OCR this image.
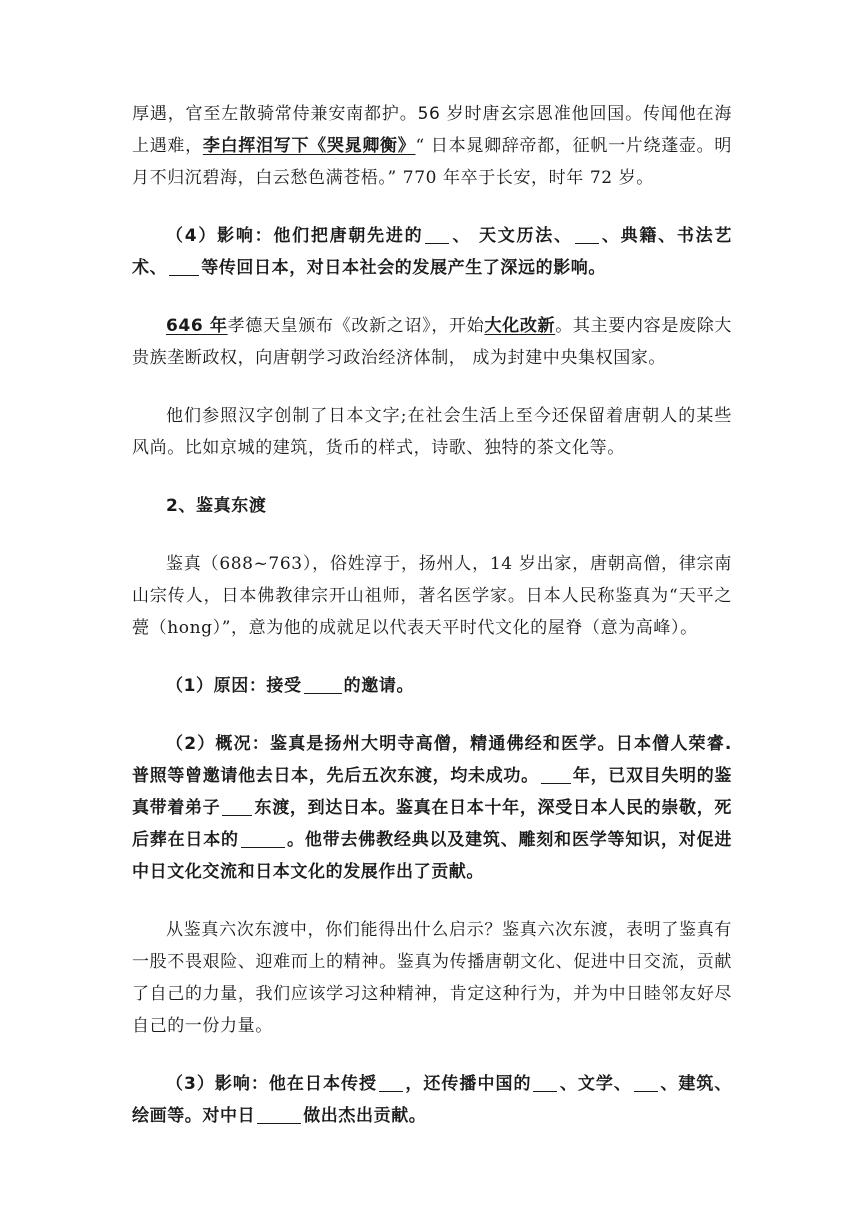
厚遇，官至左散骑常侍兼安南都护。56 岁时唐玄宗恩准他回国。传闻他在海上遇难，李白挥泪写下《哭晁卿衡》“ 日本晁卿辞帝都，征帆一片绕蓬壶。明月不归沉碧海，白云愁色满苍梧。” 770 年卒于长安，时年 72 岁。

（4）影响：他们把唐朝先进的 、 天文历法、 、典籍、书法艺术、 等传回日本，对日本社会的发展产生了深远的影响。

646 年孝德天皇颁布《改新之诏》，开始大化改新。其主要内容是废除大贵族垄断政权，向唐朝学习政治经济体制， 成为封建中央集权国家。

他们参照汉字创制了日本文字;在社会生活上至今还保留着唐朝人的某些风尚。比如京城的建筑，货币的样式，诗歌、独特的茶文化等。

2、鉴真东渡

鉴真（688~763），俗姓淳于，扬州人，14 岁出家，唐朝高僧，律宗南山宗传人，日本佛教律宗开山祖师，著名医学家。日本人民称鉴真为“天平之甍（hong）”，意为他的成就足以代表天平时代文化的屋脊（意为高峰）。

（1）原因：接受 的邀请。

（2）概况：鉴真是扬州大明寺高僧，精通佛经和医学。日本僧人荣睿. 普照等曾邀请他去日本，先后五次东渡，均未成功。 年，已双目失明的鉴真带着弟子 东渡，到达日本。鉴真在日本十年，深受日本人民的崇敬，死后葬在日本的	。他带去佛教经典以及建筑、雕刻和医学等知识，对促进中日文化交流和日本文化的发展作出了贡献。

从鉴真六次东渡中，你们能得出什么启示？鉴真六次东渡，表明了鉴真有一股不畏艰险、迎难而上的精神。鉴真为传播唐朝文化、促进中日交流，贡献了自己的力量，我们应该学习这种精神，肯定这种行为，并为中日睦邻友好尽自己的一份力量。

（3）影响：他在日本传授 ，还传播中国的 、文学、 、建筑、绘画等。对中日	做出杰出贡献。
